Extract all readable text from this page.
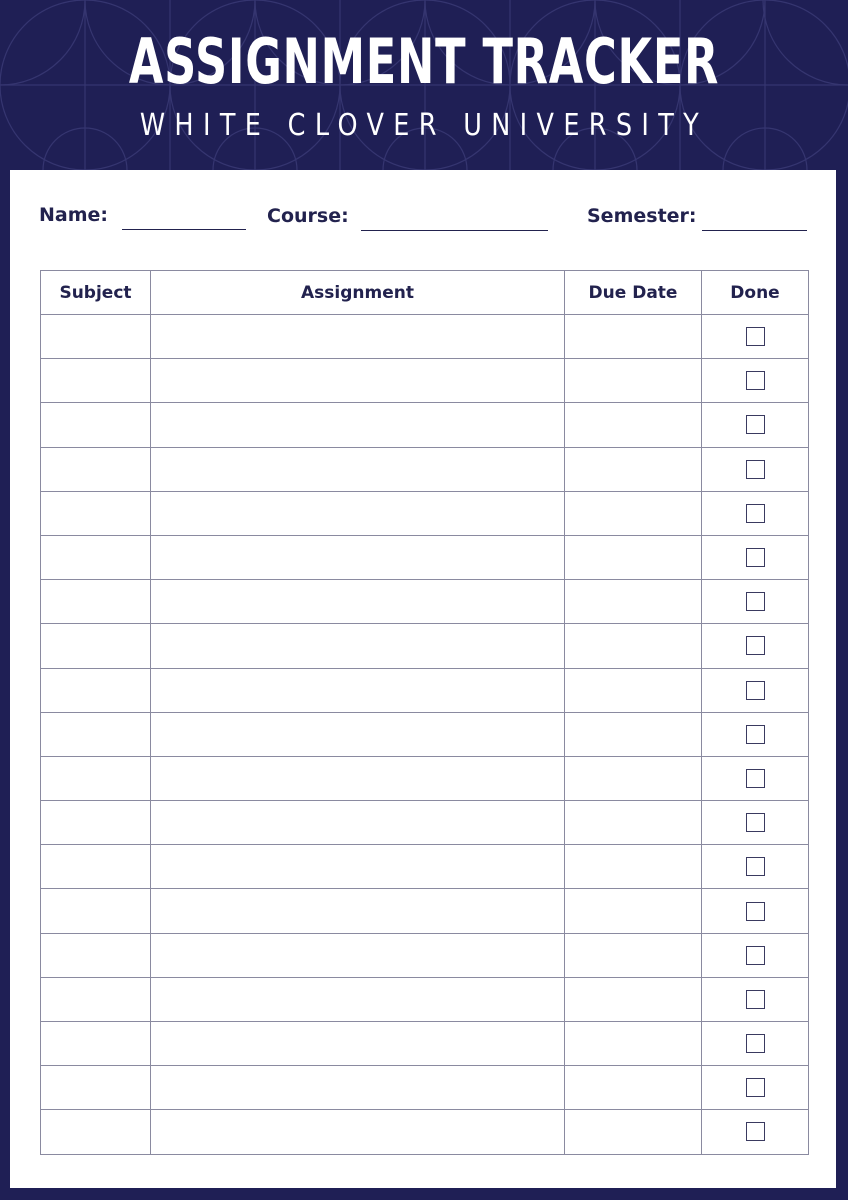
ASSIGNMENT TRACKER
WHITE CLOVER UNIVERSITY
Name:	Course:	Semester:
Subject	Assignment	Due Date	Done
